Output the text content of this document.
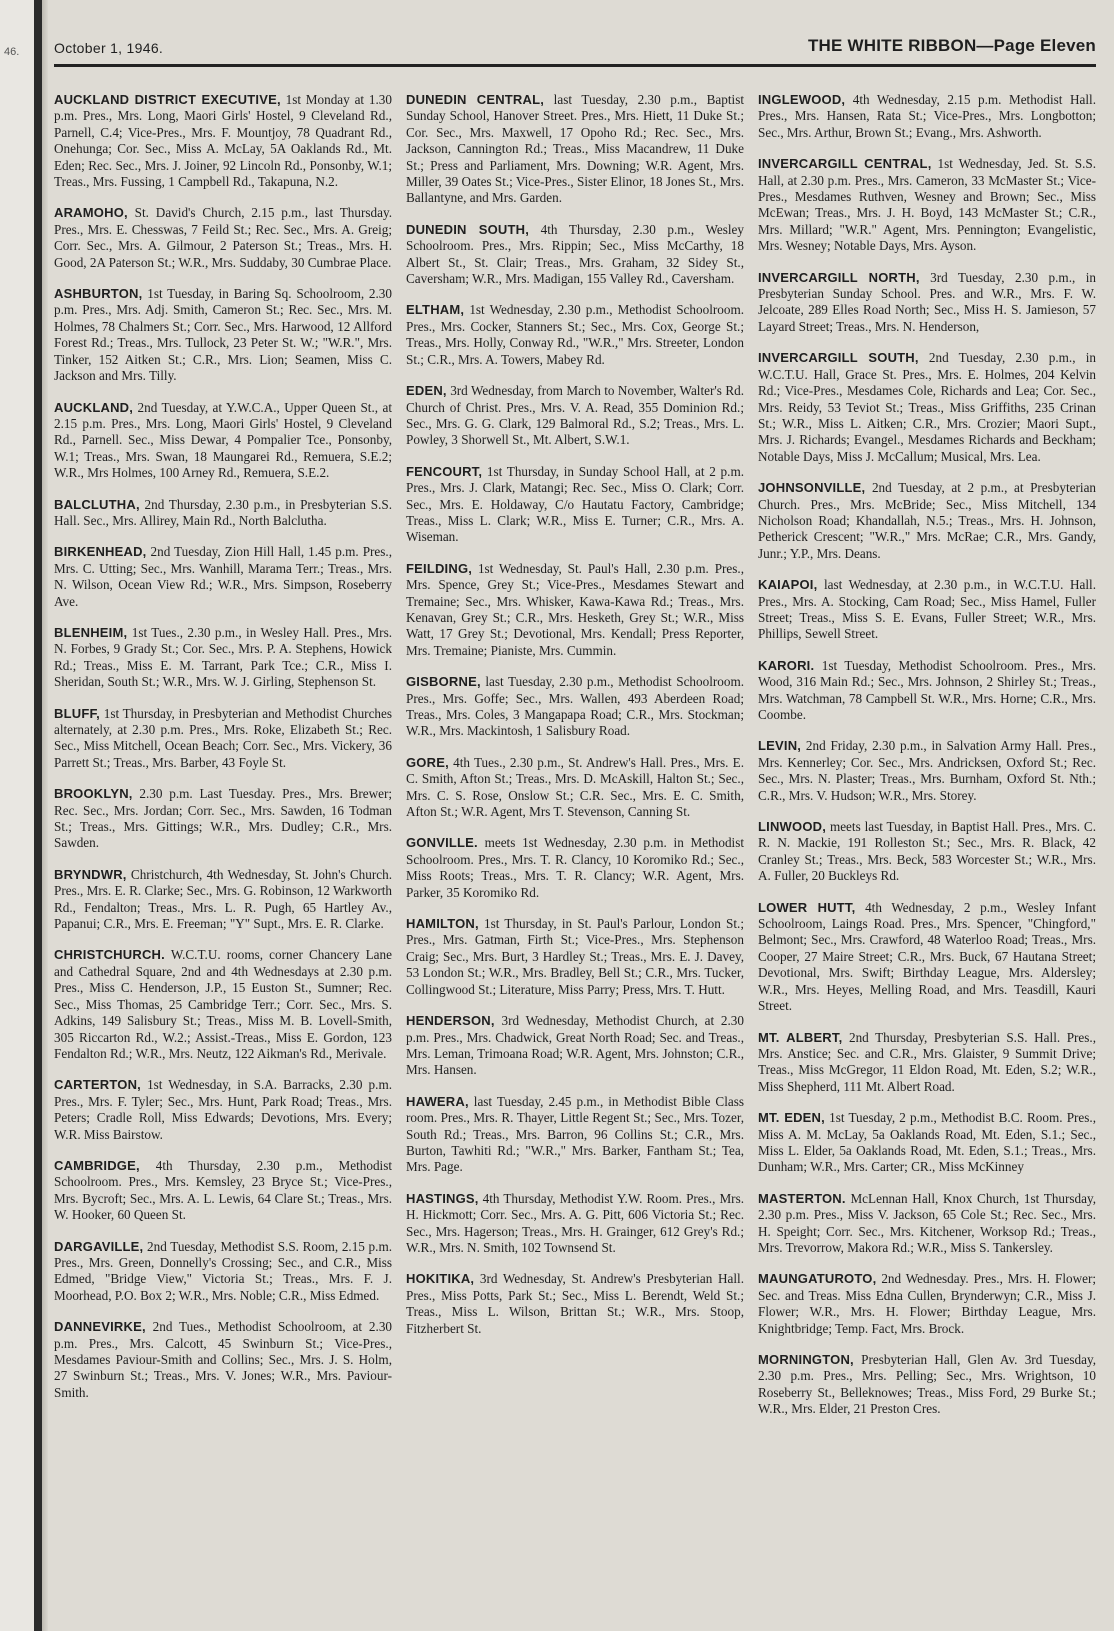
46. October 1, 1946.	THE WHITE RIBBON—Page Eleven

AUCKLAND DISTRICT EXECUTIVE, 1st Monday at 1.30 p.m. Pres., Mrs. Long, Maori Girls' Hostel, 9 Cleveland Rd., Parnell, C.4; Vice-Pres., Mrs. F. Mountjoy, 78 Quadrant Rd., Onehunga; Cor. Sec., Miss A. McLay, 5A Oaklands Rd., Mt. Eden; Rec. Sec., Mrs. J. Joiner, 92 Lincoln Rd., Ponsonby, W.1; Treas., Mrs. Fussing, 1 Campbell Rd., Takapuna, N.2.

ARAMOHO, St. David's Church, 2.15 p.m., last Thursday. Pres., Mrs. E. Chesswas, 7 Feild St.; Rec. Sec., Mrs. A. Greig; Corr. Sec., Mrs. A. Gilmour, 2 Paterson St.; Treas., Mrs. H. Good, 2A Paterson St.; W.R., Mrs. Suddaby, 30 Cumbrae Place.

ASHBURTON, 1st Tuesday, in Baring Sq. Schoolroom, 2.30 p.m. Pres., Mrs. Adj. Smith, Cameron St.; Rec. Sec., Mrs. M. Holmes, 78 Chalmers St.; Corr. Sec., Mrs. Harwood, 12 Allford Forest Rd.; Treas., Mrs. Tullock, 23 Peter St. W.; "W.R.", Mrs. Tinker, 152 Aitken St.; C.R., Mrs. Lion; Seamen, Miss C. Jackson and Mrs. Tilly.

AUCKLAND, 2nd Tuesday, at Y.W.C.A., Upper Queen St., at 2.15 p.m. Pres., Mrs. Long, Maori Girls' Hostel, 9 Cleveland Rd., Parnell. Sec., Miss Dewar, 4 Pompalier Tce., Ponsonby, W.1; Treas., Mrs. Swan, 18 Maungarei Rd., Remuera, S.E.2; W.R., Mrs Holmes, 100 Arney Rd., Remuera, S.E.2.

BALCLUTHA, 2nd Thursday, 2.30 p.m., in Presbyterian S.S. Hall. Sec., Mrs. Allirey, Main Rd., North Balclutha.

BIRKENHEAD, 2nd Tuesday, Zion Hill Hall, 1.45 p.m. Pres., Mrs. C. Utting; Sec., Mrs. Wanhill, Marama Terr.; Treas., Mrs. N. Wilson, Ocean View Rd.; W.R., Mrs. Simpson, Roseberry Ave.

BLENHEIM, 1st Tues., 2.30 p.m., in Wesley Hall. Pres., Mrs. N. Forbes, 9 Grady St.; Cor. Sec., Mrs. P. A. Stephens, Howick Rd.; Treas., Miss E. M. Tarrant, Park Tce.; C.R., Miss I. Sheridan, South St.; W.R., Mrs. W. J. Girling, Stephenson St.

BLUFF, 1st Thursday, in Presbyterian and Methodist Churches alternately, at 2.30 p.m. Pres., Mrs. Roke, Elizabeth St.; Rec. Sec., Miss Mitchell, Ocean Beach; Corr. Sec., Mrs. Vickery, 36 Parrett St.; Treas., Mrs. Barber, 43 Foyle St.

BROOKLYN, 2.30 p.m. Last Tuesday. Pres., Mrs. Brewer; Rec. Sec., Mrs. Jordan; Corr. Sec., Mrs. Sawden, 16 Todman St.; Treas., Mrs. Gittings; W.R., Mrs. Dudley; C.R., Mrs. Sawden.

BRYNDWR, Christchurch, 4th Wednesday, St. John's Church. Pres., Mrs. E. R. Clarke; Sec., Mrs. G. Robinson, 12 Warkworth Rd., Fendalton; Treas., Mrs. L. R. Pugh, 65 Hartley Av., Papanui; C.R., Mrs. E. Freeman; "Y" Supt., Mrs. E. R. Clarke.

CHRISTCHURCH. W.C.T.U. rooms, corner Chancery Lane and Cathedral Square, 2nd and 4th Wednesdays at 2.30 p.m. Pres., Miss C. Henderson, J.P., 15 Euston St., Sumner; Rec. Sec., Miss Thomas, 25 Cambridge Terr.; Corr. Sec., Mrs. S. Adkins, 149 Salisbury St.; Treas., Miss M. B. Lovell-Smith, 305 Riccarton Rd., W.2.; Assist.-Treas., Miss E. Gordon, 123 Fendalton Rd.; W.R., Mrs. Neutz, 122 Aikman's Rd., Merivale.

CARTERTON, 1st Wednesday, in S.A. Barracks, 2.30 p.m. Pres., Mrs. F. Tyler; Sec., Mrs. Hunt, Park Road; Treas., Mrs. Peters; Cradle Roll, Miss Edwards; Devotions, Mrs. Every; W.R. Miss Bairstow.

CAMBRIDGE, 4th Thursday, 2.30 p.m., Methodist Schoolroom. Pres., Mrs. Kemsley, 23 Bryce St.; Vice-Pres., Mrs. Bycroft; Sec., Mrs. A. L. Lewis, 64 Clare St.; Treas., Mrs. W. Hooker, 60 Queen St.

DARGAVILLE, 2nd Tuesday, Methodist S.S. Room, 2.15 p.m. Pres., Mrs. Green, Donnelly's Crossing; Sec., and C.R., Miss Edmed, "Bridge View," Victoria St.; Treas., Mrs. F. J. Moorhead, P.O. Box 2; W.R., Mrs. Noble; C.R., Miss Edmed.

DANNEVIRKE, 2nd Tues., Methodist Schoolroom, at 2.30 p.m. Pres., Mrs. Calcott, 45 Swinburn St.; Vice-Pres., Mesdames Paviour-Smith and Collins; Sec., Mrs. J. S. Holm, 27 Swinburn St.; Treas., Mrs. V. Jones; W.R., Mrs. Paviour-Smith.

DUNEDIN CENTRAL, last Tuesday, 2.30 p.m., Baptist Sunday School, Hanover Street. Pres., Mrs. Hiett, 11 Duke St.; Cor. Sec., Mrs. Maxwell, 17 Opoho Rd.; Rec. Sec., Mrs. Jackson, Cannington Rd.; Treas., Miss Macandrew, 11 Duke St.; Press and Parliament, Mrs. Downing; W.R. Agent, Mrs. Miller, 39 Oates St.; Vice-Pres., Sister Elinor, 18 Jones St., Mrs. Ballantyne, and Mrs. Garden.

DUNEDIN SOUTH, 4th Thursday, 2.30 p.m., Wesley Schoolroom. Pres., Mrs. Rippin; Sec., Miss McCarthy, 18 Albert St., St. Clair; Treas., Mrs. Graham, 32 Sidey St., Caversham; W.R., Mrs. Madigan, 155 Valley Rd., Caversham.

ELTHAM, 1st Wednesday, 2.30 p.m., Methodist Schoolroom. Pres., Mrs. Cocker, Stanners St.; Sec., Mrs. Cox, George St.; Treas., Mrs. Holly, Conway Rd., "W.R.," Mrs. Streeter, London St.; C.R., Mrs. A. Towers, Mabey Rd.

EDEN, 3rd Wednesday, from March to November, Walter's Rd. Church of Christ. Pres., Mrs. V. A. Read, 355 Dominion Rd.; Sec., Mrs. G. G. Clark, 129 Balmoral Rd., S.2; Treas., Mrs. L. Powley, 3 Shorwell St., Mt. Albert, S.W.1.

FENCOURT, 1st Thursday, in Sunday School Hall, at 2 p.m. Pres., Mrs. J. Clark, Matangi; Rec. Sec., Miss O. Clark; Corr. Sec., Mrs. E. Holdaway, C/o Hautatu Factory, Cambridge; Treas., Miss L. Clark; W.R., Miss E. Turner; C.R., Mrs. A. Wiseman.

FEILDING, 1st Wednesday, St. Paul's Hall, 2.30 p.m. Pres., Mrs. Spence, Grey St.; Vice-Pres., Mesdames Stewart and Tremaine; Sec., Mrs. Whisker, Kawa-Kawa Rd.; Treas., Mrs. Kenavan, Grey St.; C.R., Mrs. Hesketh, Grey St.; W.R., Miss Watt, 17 Grey St.; Devotional, Mrs. Kendall; Press Reporter, Mrs. Tremaine; Pianiste, Mrs. Cummin.

GISBORNE, last Tuesday, 2.30 p.m., Methodist Schoolroom. Pres., Mrs. Goffe; Sec., Mrs. Wallen, 493 Aberdeen Road; Treas., Mrs. Coles, 3 Mangapapa Road; C.R., Mrs. Stockman; W.R., Mrs. Mackintosh, 1 Salisbury Road.

GORE, 4th Tues., 2.30 p.m., St. Andrew's Hall. Pres., Mrs. E. C. Smith, Afton St.; Treas., Mrs. D. McAskill, Halton St.; Sec., Mrs. C. S. Rose, Onslow St.; C.R. Sec., Mrs. E. C. Smith, Afton St.; W.R. Agent, Mrs T. Stevenson, Canning St.

GONVILLE. meets 1st Wednesday, 2.30 p.m. in Methodist Schoolroom. Pres., Mrs. T. R. Clancy, 10 Koromiko Rd.; Sec., Miss Roots; Treas., Mrs. T. R. Clancy; W.R. Agent, Mrs. Parker, 35 Koromiko Rd.

HAMILTON, 1st Thursday, in St. Paul's Parlour, London St.; Pres., Mrs. Gatman, Firth St.; Vice-Pres., Mrs. Stephenson Craig; Sec., Mrs. Burt, 3 Hardley St.; Treas., Mrs. E. J. Davey, 53 London St.; W.R., Mrs. Bradley, Bell St.; C.R., Mrs. Tucker, Collingwood St.; Literature, Miss Parry; Press, Mrs. T. Hutt.

HENDERSON, 3rd Wednesday, Methodist Church, at 2.30 p.m. Pres., Mrs. Chadwick, Great North Road; Sec. and Treas., Mrs. Leman, Trimoana Road; W.R. Agent, Mrs. Johnston; C.R., Mrs. Hansen.

HAWERA, last Tuesday, 2.45 p.m., in Methodist Bible Class room. Pres., Mrs. R. Thayer, Little Regent St.; Sec., Mrs. Tozer, South Rd.; Treas., Mrs. Barron, 96 Collins St.; C.R., Mrs. Burton, Tawhiti Rd.; "W.R.," Mrs. Barker, Fantham St.; Tea, Mrs. Page.

HASTINGS, 4th Thursday, Methodist Y.W. Room. Pres., Mrs. H. Hickmott; Corr. Sec., Mrs. A. G. Pitt, 606 Victoria St.; Rec. Sec., Mrs. Hagerson; Treas., Mrs. H. Grainger, 612 Grey's Rd.; W.R., Mrs. N. Smith, 102 Townsend St.

HOKITIKA, 3rd Wednesday, St. Andrew's Presbyterian Hall. Pres., Miss Potts, Park St.; Sec., Miss L. Berendt, Weld St.; Treas., Miss L. Wilson, Brittan St.; W.R., Mrs. Stoop, Fitzherbert St.

INGLEWOOD, 4th Wednesday, 2.15 p.m. Methodist Hall. Pres., Mrs. Hansen, Rata St.; Vice-Pres., Mrs. Longbotton; Sec., Mrs. Arthur, Brown St.; Evang., Mrs. Ashworth.

INVERCARGILL CENTRAL, 1st Wednesday, Jed. St. S.S. Hall, at 2.30 p.m. Pres., Mrs. Cameron, 33 McMaster St.; Vice-Pres., Mesdames Ruthven, Wesney and Brown; Sec., Miss McEwan; Treas., Mrs. J. H. Boyd, 143 McMaster St.; C.R., Mrs. Millard; "W.R." Agent, Mrs. Pennington; Evangelistic, Mrs. Wesney; Notable Days, Mrs. Ayson.

INVERCARGILL NORTH, 3rd Tuesday, 2.30 p.m., in Presbyterian Sunday School. Pres. and W.R., Mrs. F. W. Jelcoate, 289 Elles Road North; Sec., Miss H. S. Jamieson, 57 Layard Street; Treas., Mrs. N. Henderson,

INVERCARGILL SOUTH, 2nd Tuesday, 2.30 p.m., in W.C.T.U. Hall, Grace St. Pres., Mrs. E. Holmes, 204 Kelvin Rd.; Vice-Pres., Mesdames Cole, Richards and Lea; Cor. Sec., Mrs. Reidy, 53 Teviot St.; Treas., Miss Griffiths, 235 Crinan St.; W.R., Miss L. Aitken; C.R., Mrs. Crozier; Maori Supt., Mrs. J. Richards; Evangel., Mesdames Richards and Beckham; Notable Days, Miss J. McCallum; Musical, Mrs. Lea.

JOHNSONVILLE, 2nd Tuesday, at 2 p.m., at Presbyterian Church. Pres., Mrs. McBride; Sec., Miss Mitchell, 134 Nicholson Road; Khandallah, N.5.; Treas., Mrs. H. Johnson, Petherick Crescent; "W.R.," Mrs. McRae; C.R., Mrs. Gandy, Junr.; Y.P., Mrs. Deans.

KAIAPOI, last Wednesday, at 2.30 p.m., in W.C.T.U. Hall. Pres., Mrs. A. Stocking, Cam Road; Sec., Miss Hamel, Fuller Street; Treas., Miss S. E. Evans, Fuller Street; W.R., Mrs. Phillips, Sewell Street.

KARORI. 1st Tuesday, Methodist Schoolroom. Pres., Mrs. Wood, 316 Main Rd.; Sec., Mrs. Johnson, 2 Shirley St.; Treas., Mrs. Watchman, 78 Campbell St. W.R., Mrs. Horne; C.R., Mrs. Coombe.

LEVIN, 2nd Friday, 2.30 p.m., in Salvation Army Hall. Pres., Mrs. Kennerley; Cor. Sec., Mrs. Andricksen, Oxford St.; Rec. Sec., Mrs. N. Plaster; Treas., Mrs. Burnham, Oxford St. Nth.; C.R., Mrs. V. Hudson; W.R., Mrs. Storey.

LINWOOD, meets last Tuesday, in Baptist Hall. Pres., Mrs. C. R. N. Mackie, 191 Rolleston St.; Sec., Mrs. R. Black, 42 Cranley St.; Treas., Mrs. Beck, 583 Worcester St.; W.R., Mrs. A. Fuller, 20 Buckleys Rd.

LOWER HUTT, 4th Wednesday, 2 p.m., Wesley Infant Schoolroom, Laings Road. Pres., Mrs. Spencer, "Chingford," Belmont; Sec., Mrs. Crawford, 48 Waterloo Road; Treas., Mrs. Cooper, 27 Maire Street; C.R., Mrs. Buck, 67 Hautana Street; Devotional, Mrs. Swift; Birthday League, Mrs. Aldersley; W.R., Mrs. Heyes, Melling Road, and Mrs. Teasdill, Kauri Street.

MT. ALBERT, 2nd Thursday, Presbyterian S.S. Hall. Pres., Mrs. Anstice; Sec. and C.R., Mrs. Glaister, 9 Summit Drive; Treas., Miss McGregor, 11 Eldon Road, Mt. Eden, S.2; W.R., Miss Shepherd, 111 Mt. Albert Road.

MT. EDEN, 1st Tuesday, 2 p.m., Methodist B.C. Room. Pres., Miss A. M. McLay, 5a Oaklands Road, Mt. Eden, S.1.; Sec., Miss L. Elder, 5a Oaklands Road, Mt. Eden, S.1.; Treas., Mrs. Dunham; W.R., Mrs. Carter; CR., Miss McKinney

MASTERTON. McLennan Hall, Knox Church, 1st Thursday, 2.30 p.m. Pres., Miss V. Jackson, 65 Cole St.; Rec. Sec., Mrs. H. Speight; Corr. Sec., Mrs. Kitchener, Worksop Rd.; Treas., Mrs. Trevorrow, Makora Rd.; W.R., Miss S. Tankersley.

MAUNGATUROTO, 2nd Wednesday. Pres., Mrs. H. Flower; Sec. and Treas. Miss Edna Cullen, Brynderwyn; C.R., Miss J. Flower; W.R., Mrs. H. Flower; Birthday League, Mrs. Knightbridge; Temp. Fact, Mrs. Brock.

MORNINGTON, Presbyterian Hall, Glen Av. 3rd Tuesday, 2.30 p.m. Pres., Mrs. Pelling; Sec., Mrs. Wrightson, 10 Roseberry St., Belleknowes; Treas., Miss Ford, 29 Burke St.; W.R., Mrs. Elder, 21 Preston Cres.
